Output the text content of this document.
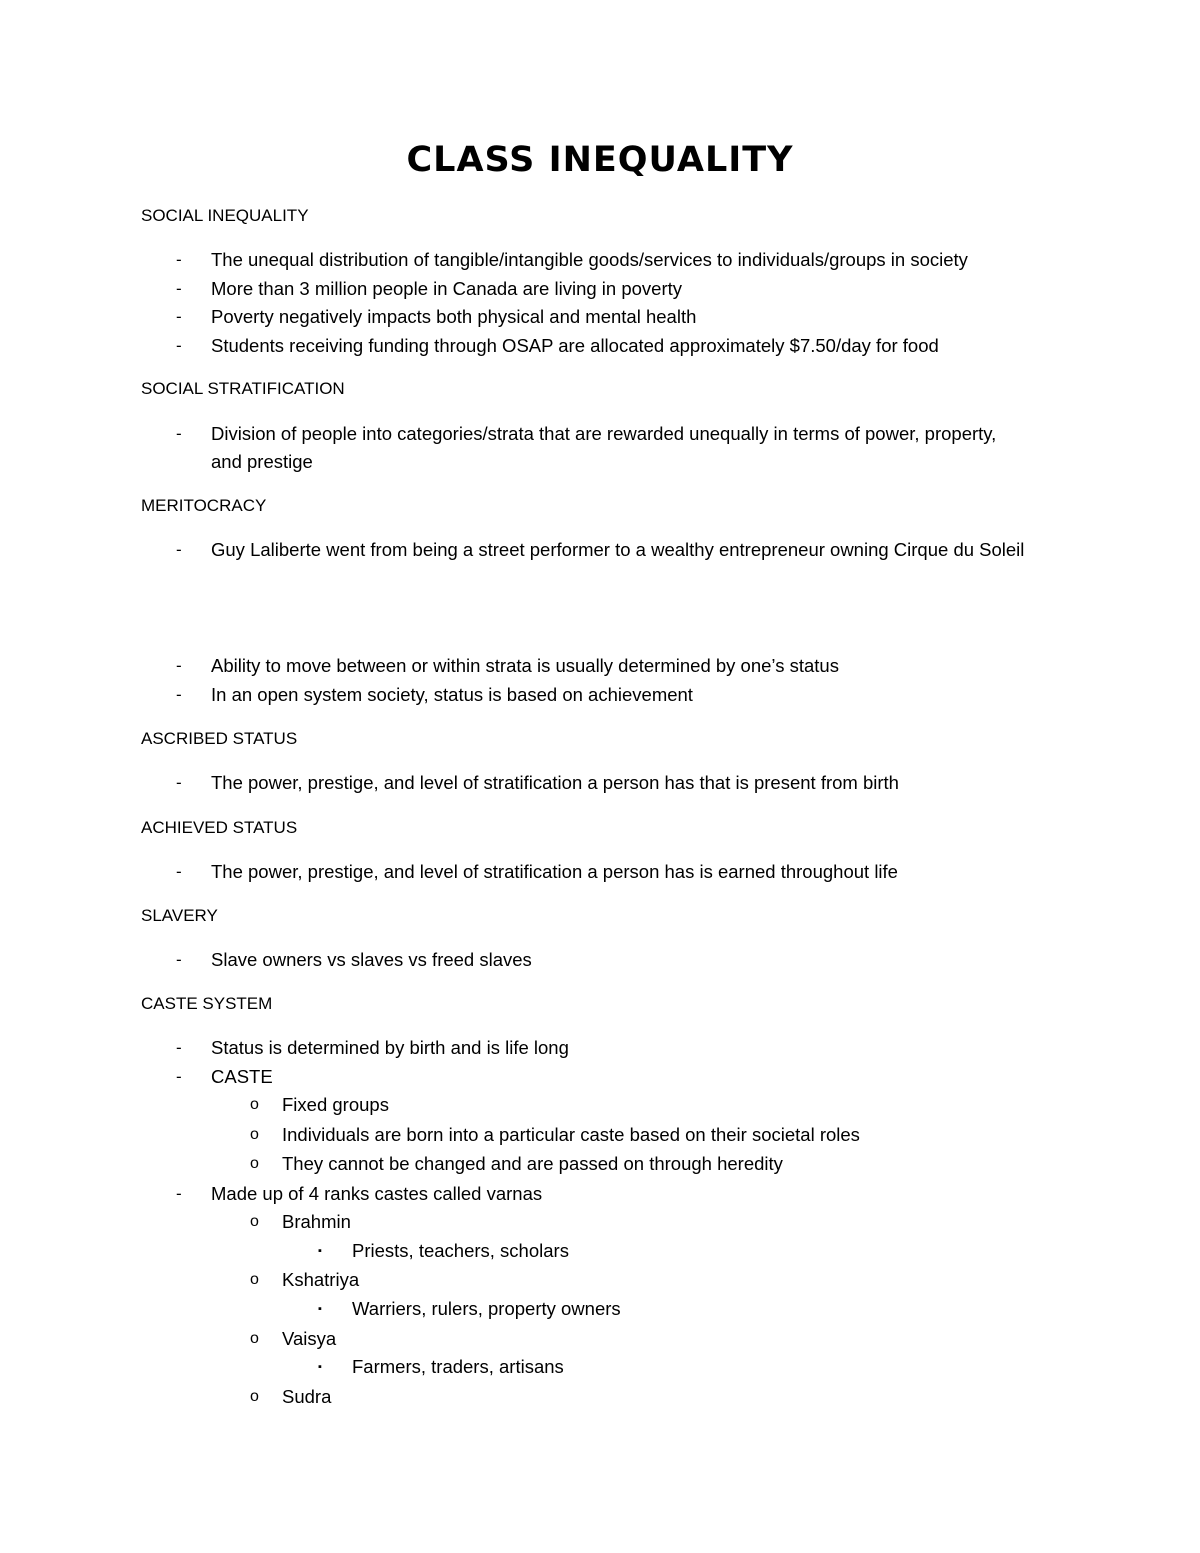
CLASS INEQUALITY
SOCIAL INEQUALITY
- The unequal distribution of tangible/intangible goods/services to individuals/groups in society
- More than 3 million people in Canada are living in poverty
- Poverty negatively impacts both physical and mental health
- Students receiving funding through OSAP are allocated approximately $7.50/day for food
SOCIAL STRATIFICATION
- Division of people into categories/strata that are rewarded unequally in terms of power, property, and prestige
MERITOCRACY
- Guy Laliberte went from being a street performer to a wealthy entrepreneur owning Cirque du Soleil
- Ability to move between or within strata is usually determined by one’s status
- In an open system society, status is based on achievement
ASCRIBED STATUS
- The power, prestige, and level of stratification a person has that is present from birth
ACHIEVED STATUS
- The power, prestige, and level of stratification a person has is earned throughout life
SLAVERY
- Slave owners vs slaves vs freed slaves
CASTE SYSTEM
- Status is determined by birth and is life long
- CASTE
o Fixed groups
o Individuals are born into a particular caste based on their societal roles
o They cannot be changed and are passed on through heredity
- Made up of 4 ranks castes called varnas
o Brahmin
▪ Priests, teachers, scholars
o Kshatriya
▪ Warriers, rulers, property owners
o Vaisya
▪ Farmers, traders, artisans
o Sudra
